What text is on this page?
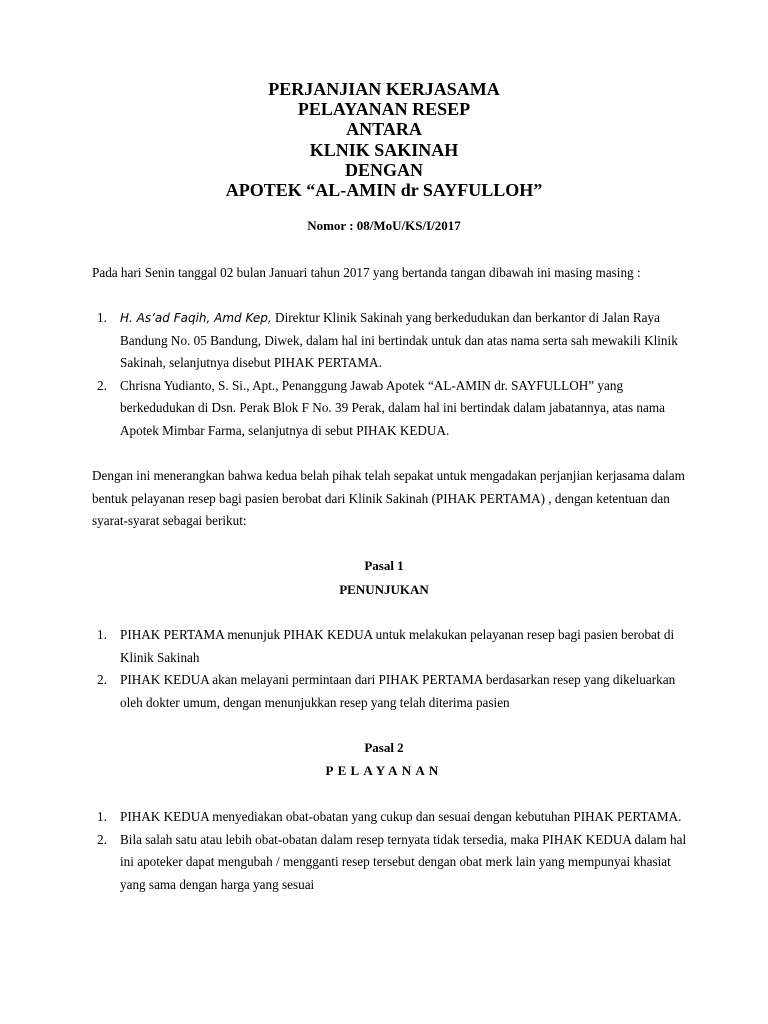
PERJANJIAN KERJASAMA
PELAYANAN RESEP
ANTARA
KLNIK SAKINAH
DENGAN
APOTEK “AL-AMIN dr SAYFULLOH”
Nomor : 08/MoU/KS/I/2017
Pada hari Senin tanggal 02 bulan Januari tahun 2017 yang bertanda tangan dibawah ini masing masing :
1. H. As’ad Faqih, Amd Kep, Direktur Klinik Sakinah yang berkedudukan dan berkantor di Jalan Raya Bandung No. 05 Bandung, Diwek, dalam hal ini bertindak untuk dan atas nama serta sah mewakili Klinik Sakinah, selanjutnya disebut PIHAK PERTAMA.
2. Chrisna Yudianto, S. Si., Apt., Penanggung Jawab Apotek “AL-AMIN dr. SAYFULLOH” yang berkedudukan di Dsn. Perak Blok F No. 39 Perak, dalam hal ini bertindak dalam jabatannya, atas nama Apotek Mimbar Farma, selanjutnya di sebut PIHAK KEDUA.
Dengan ini menerangkan bahwa kedua belah pihak telah sepakat untuk mengadakan perjanjian kerjasama dalam bentuk pelayanan resep bagi pasien berobat dari Klinik Sakinah (PIHAK PERTAMA) , dengan ketentuan dan syarat-syarat sebagai berikut:
Pasal 1
PENUNJUKAN
1. PIHAK PERTAMA menunjuk PIHAK KEDUA untuk melakukan pelayanan resep bagi pasien berobat di Klinik Sakinah
2. PIHAK KEDUA akan melayani permintaan dari PIHAK PERTAMA berdasarkan resep yang dikeluarkan oleh dokter umum, dengan menunjukkan resep yang telah diterima pasien
Pasal 2
PELAYANAN
1. PIHAK KEDUA menyediakan obat-obatan yang cukup dan sesuai dengan kebutuhan PIHAK PERTAMA.
2. Bila salah satu atau lebih obat-obatan dalam resep ternyata tidak tersedia, maka PIHAK KEDUA dalam hal ini apoteker dapat mengubah / mengganti resep tersebut dengan obat merk lain yang mempunyai khasiat yang sama dengan harga yang sesuai
